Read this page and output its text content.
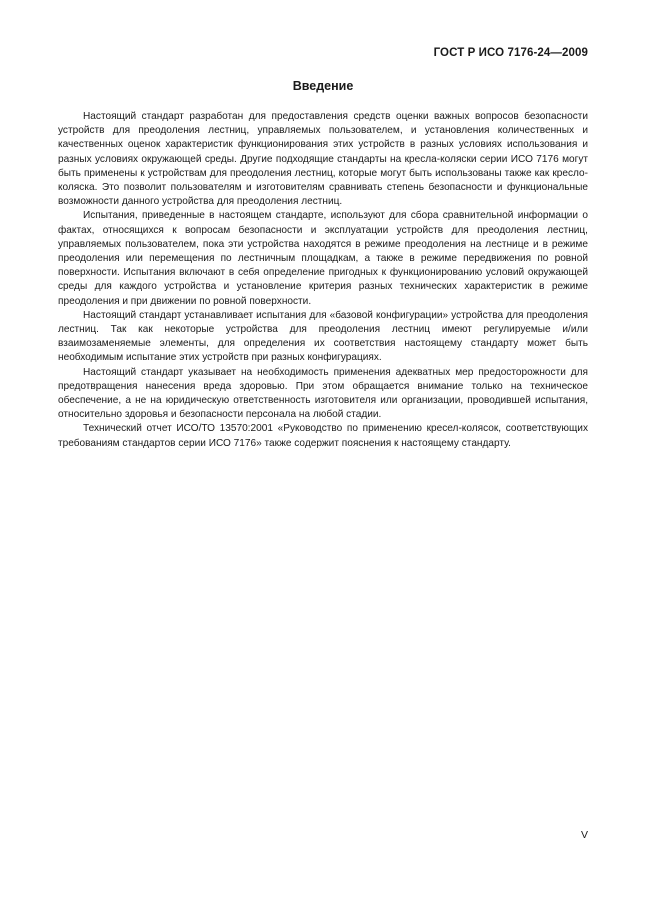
ГОСТ Р ИСО 7176-24—2009
Введение

Настоящий стандарт разработан для предоставления средств оценки важных вопросов безопасности устройств для преодоления лестниц, управляемых пользователем, и установления количественных и качественных оценок характеристик функционирования этих устройств в разных условиях использования и разных условиях окружающей среды. Другие подходящие стандарты на кресла-коляски серии ИСО 7176 могут быть применены к устройствам для преодоления лестниц, которые могут быть использованы также как кресло-коляска. Это позволит пользователям и изготовителям сравнивать степень безопасности и функциональные возможности данного устройства для преодоления лестниц.

Испытания, приведенные в настоящем стандарте, используют для сбора сравнительной информации о фактах, относящихся к вопросам безопасности и эксплуатации устройств для преодоления лестниц, управляемых пользователем, пока эти устройства находятся в режиме преодоления на лестнице и в режиме преодоления или перемещения по лестничным площадкам, а также в режиме передвижения по ровной поверхности. Испытания включают в себя определение пригодных к функционированию условий окружающей среды для каждого устройства и установление критерия разных технических характеристик в режиме преодоления и при движении по ровной поверхности.

Настоящий стандарт устанавливает испытания для «базовой конфигурации» устройства для преодоления лестниц. Так как некоторые устройства для преодоления лестниц имеют регулируемые и/или взаимозаменяемые элементы, для определения их соответствия настоящему стандарту может быть необходимым испытание этих устройств при разных конфигурациях.

Настоящий стандарт указывает на необходимость применения адекватных мер предосторожности для предотвращения нанесения вреда здоровью. При этом обращается внимание только на техническое обеспечение, а не на юридическую ответственность изготовителя или организации, проводившей испытания, относительно здоровья и безопасности персонала на любой стадии.

Технический отчет ИСО/ТО 13570:2001 «Руководство по применению кресел-колясок, соответствующих требованиям стандартов серии ИСО 7176» также содержит пояснения к настоящему стандарту.

V
